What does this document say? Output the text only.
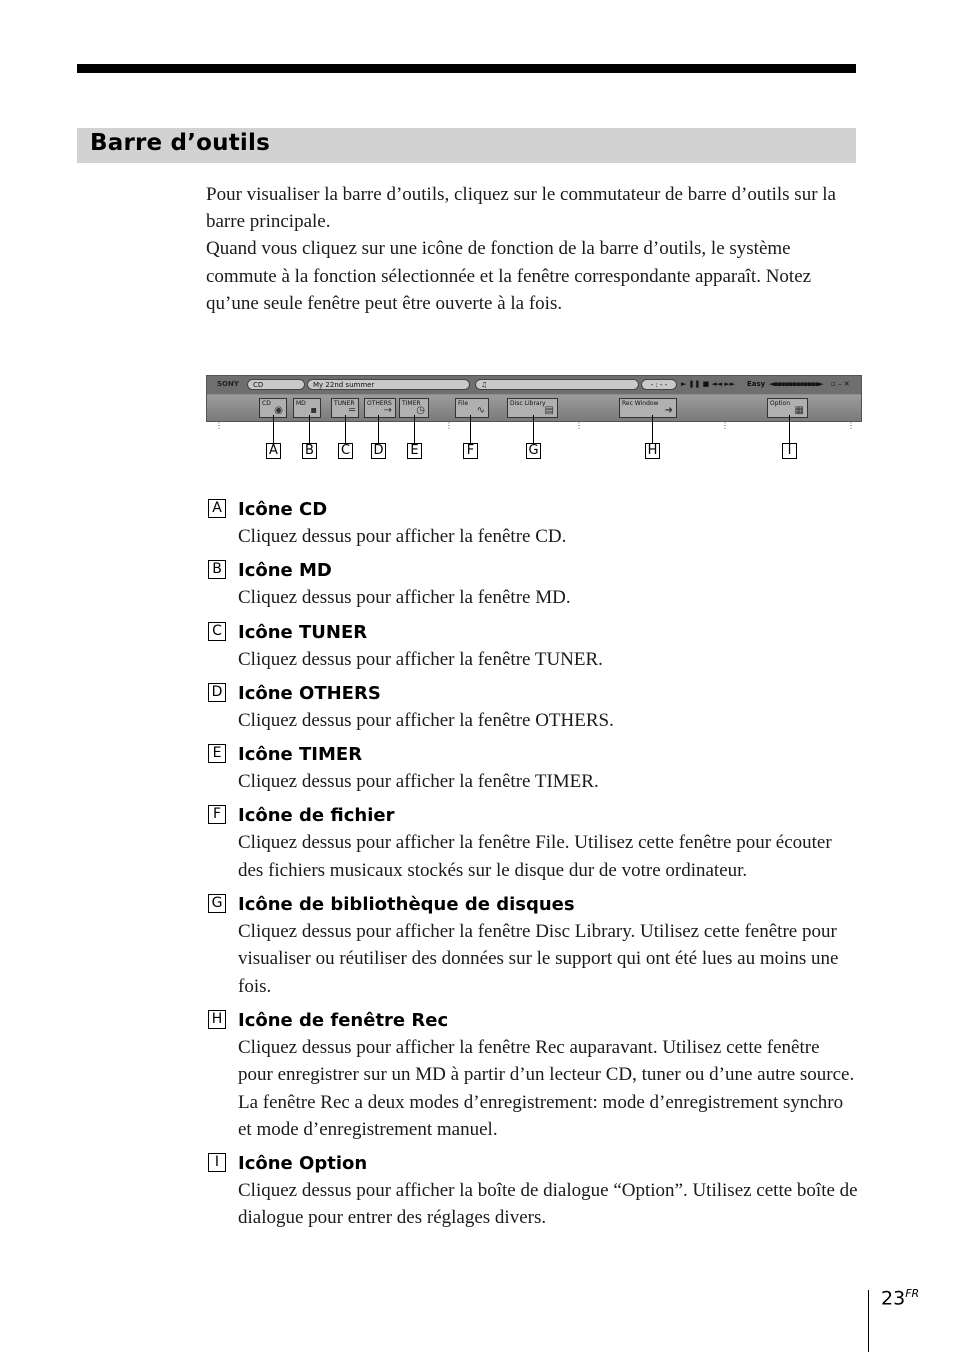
Barre d’outils

Pour visualiser la barre d’outils, cliquez sur le commutateur de barre d’outils sur la barre principale.

Quand vous cliquez sur une icône de fonction de la barre d’outils, le système commute à la fonction sélectionnée et la fenêtre correspondante apparaît. Notez qu’une seule fenêtre peut être ouverte à la fois.

SONY	CD	My 22nd summer	♫	- : - -	► ❚❚ ■ ◄◄ ►► Easy ◄▪▪▪▪▪▪▪▪▪▪▪▪► ▫ – ✕
⋮	⋮	⋮	⋮	⋮
CD
◉
MD
▪
TUNER
═
OTHERS
→
TIMER
◷
File
∿
Disc Library
▤
Rec Window
➜
Option
▦
A B C D E	F	G	H	I
A Icône CD

Cliquez dessus pour afficher la fenêtre CD.

B Icône MD

Cliquez dessus pour afficher la fenêtre MD.

C Icône TUNER

Cliquez dessus pour afficher la fenêtre TUNER.

D Icône OTHERS

Cliquez dessus pour afficher la fenêtre OTHERS.

E Icône TIMER

Cliquez dessus pour afficher la fenêtre TIMER.

F Icône de fichier

Cliquez dessus pour afficher la fenêtre File. Utilisez cette fenêtre pour écouter des fichiers musicaux stockés sur le disque dur de votre ordinateur.

G Icône de bibliothèque de disques

Cliquez dessus pour afficher la fenêtre Disc Library. Utilisez cette fenêtre pour visualiser ou réutiliser des données sur le support qui ont été lues au moins une fois.

H Icône de fenêtre Rec

Cliquez dessus pour afficher la fenêtre Rec auparavant. Utilisez cette fenêtre pour enregistrer sur un MD à partir d’un lecteur CD, tuner ou d’une autre source. La fenêtre Rec a deux modes d’enregistrement: mode d’enregistrement synchro et mode d’enregistrement manuel.

I	Icône Option

Cliquez dessus pour afficher la boîte de dialogue “Option”. Utilisez cette boîte de dialogue pour entrer des réglages divers.

$23^{FR}$
